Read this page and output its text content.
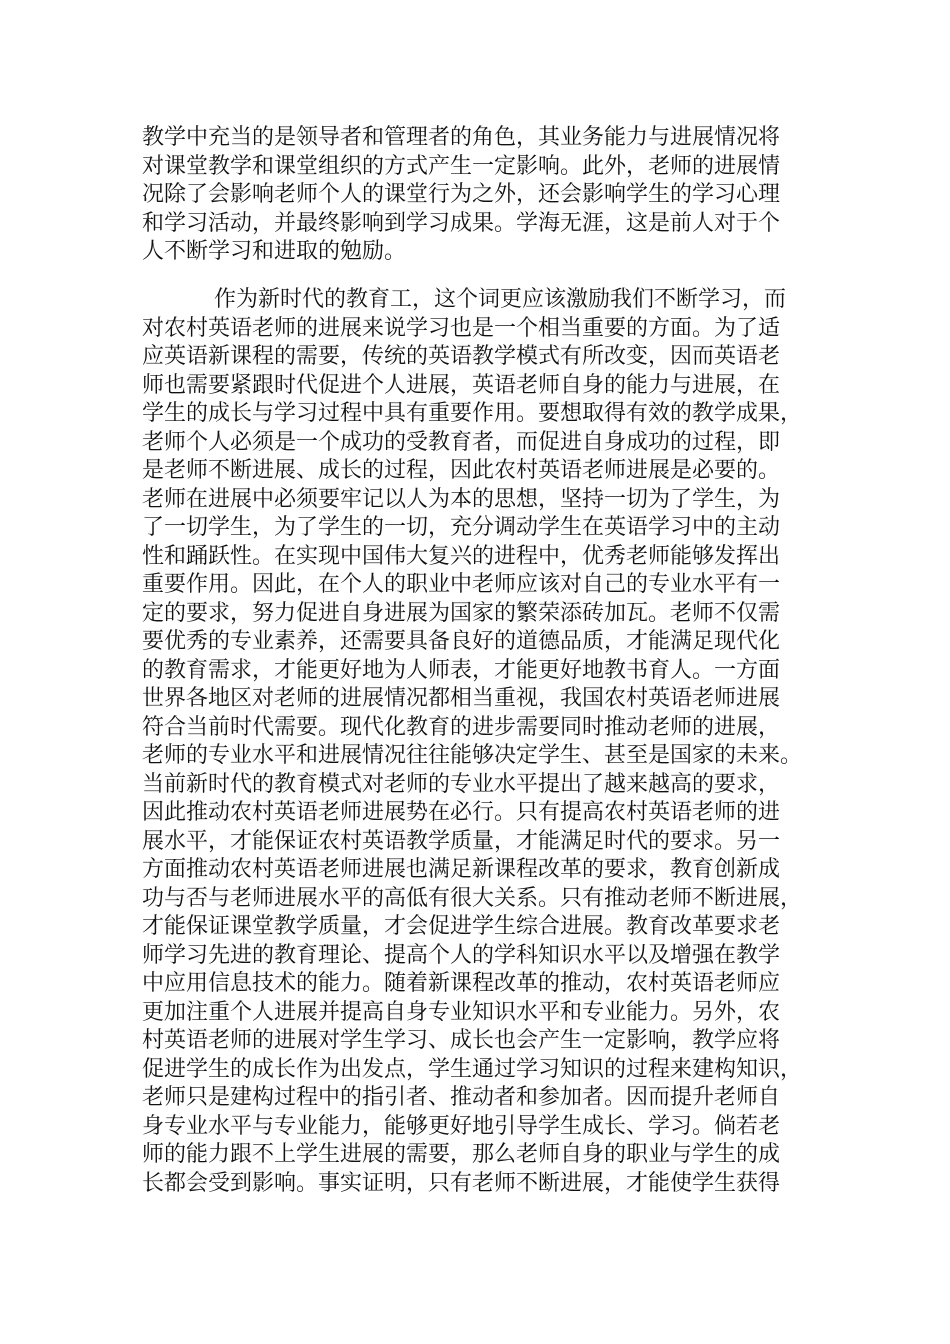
教学中充当的是领导者和管理者的角色，其业务能力与进展情况将
对课堂教学和课堂组织的方式产生一定影响。此外，老师的进展情
况除了会影响老师个人的课堂行为之外，还会影响学生的学习心理
和学习活动，并最终影响到学习成果。学海无涯，这是前人对于个
人不断学习和进取的勉励。
作为新时代的教育工，这个词更应该激励我们不断学习，而
对农村英语老师的进展来说学习也是一个相当重要的方面。为了适
应英语新课程的需要，传统的英语教学模式有所改变，因而英语老
师也需要紧跟时代促进个人进展，英语老师自身的能力与进展，在
学生的成长与学习过程中具有重要作用。要想取得有效的教学成果，
老师个人必须是一个成功的受教育者，而促进自身成功的过程，即
是老师不断进展、成长的过程，因此农村英语老师进展是必要的。
老师在进展中必须要牢记以人为本的思想，坚持一切为了学生，为
了一切学生，为了学生的一切，充分调动学生在英语学习中的主动
性和踊跃性。在实现中国伟大复兴的进程中，优秀老师能够发挥出
重要作用。因此，在个人的职业中老师应该对自己的专业水平有一
定的要求，努力促进自身进展为国家的繁荣添砖加瓦。老师不仅需
要优秀的专业素养，还需要具备良好的道德品质，才能满足现代化
的教育需求，才能更好地为人师表，才能更好地教书育人。一方面
世界各地区对老师的进展情况都相当重视，我国农村英语老师进展
符合当前时代需要。现代化教育的进步需要同时推动老师的进展，
老师的专业水平和进展情况往往能够决定学生、甚至是国家的未来。
当前新时代的教育模式对老师的专业水平提出了越来越高的要求，
因此推动农村英语老师进展势在必行。只有提高农村英语老师的进
展水平，才能保证农村英语教学质量，才能满足时代的要求。另一
方面推动农村英语老师进展也满足新课程改革的要求，教育创新成
功与否与老师进展水平的高低有很大关系。只有推动老师不断进展，
才能保证课堂教学质量，才会促进学生综合进展。教育改革要求老
师学习先进的教育理论、提高个人的学科知识水平以及增强在教学
中应用信息技术的能力。随着新课程改革的推动，农村英语老师应
更加注重个人进展并提高自身专业知识水平和专业能力。另外，农
村英语老师的进展对学生学习、成长也会产生一定影响，教学应将
促进学生的成长作为出发点，学生通过学习知识的过程来建构知识，
老师只是建构过程中的指引者、推动者和参加者。因而提升老师自
身专业水平与专业能力，能够更好地引导学生成长、学习。倘若老
师的能力跟不上学生进展的需要，那么老师自身的职业与学生的成
长都会受到影响。事实证明，只有老师不断进展，才能使学生获得
